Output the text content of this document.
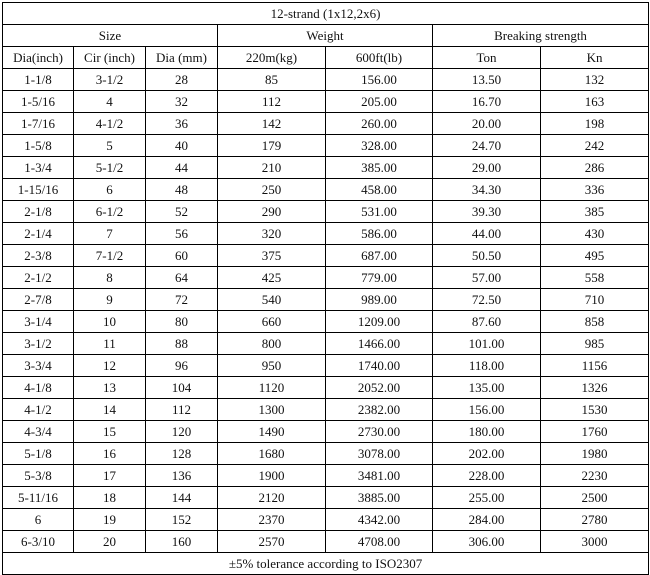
12-strand (1x12,2x6)						
Size			Weight		Breaking strength	
Dia(inch)	Cir (inch)	Dia (mm)	220m(kg)	600ft(lb)	Ton	Kn
1-1/8	3-1/2	28	85	156.00	13.50	132
1-5/16	4	32	112	205.00	16.70	163
1-7/16	4-1/2	36	142	260.00	20.00	198
1-5/8	5	40	179	328.00	24.70	242
1-3/4	5-1/2	44	210	385.00	29.00	286
1-15/16	6	48	250	458.00	34.30	336
2-1/8	6-1/2	52	290	531.00	39.30	385
2-1/4	7	56	320	586.00	44.00	430
2-3/8	7-1/2	60	375	687.00	50.50	495
2-1/2	8	64	425	779.00	57.00	558
2-7/8	9	72	540	989.00	72.50	710
3-1/4	10	80	660	1209.00	87.60	858
3-1/2	11	88	800	1466.00	101.00	985
3-3/4	12	96	950	1740.00	118.00	1156
4-1/8	13	104	1120	2052.00	135.00	1326
4-1/2	14	112	1300	2382.00	156.00	1530
4-3/4	15	120	1490	2730.00	180.00	1760
5-1/8	16	128	1680	3078.00	202.00	1980
5-3/8	17	136	1900	3481.00	228.00	2230
5-11/16	18	144	2120	3885.00	255.00	2500
6	19	152	2370	4342.00	284.00	2780
6-3/10	20	160	2570	4708.00	306.00	3000
±5% tolerance according to ISO2307						
